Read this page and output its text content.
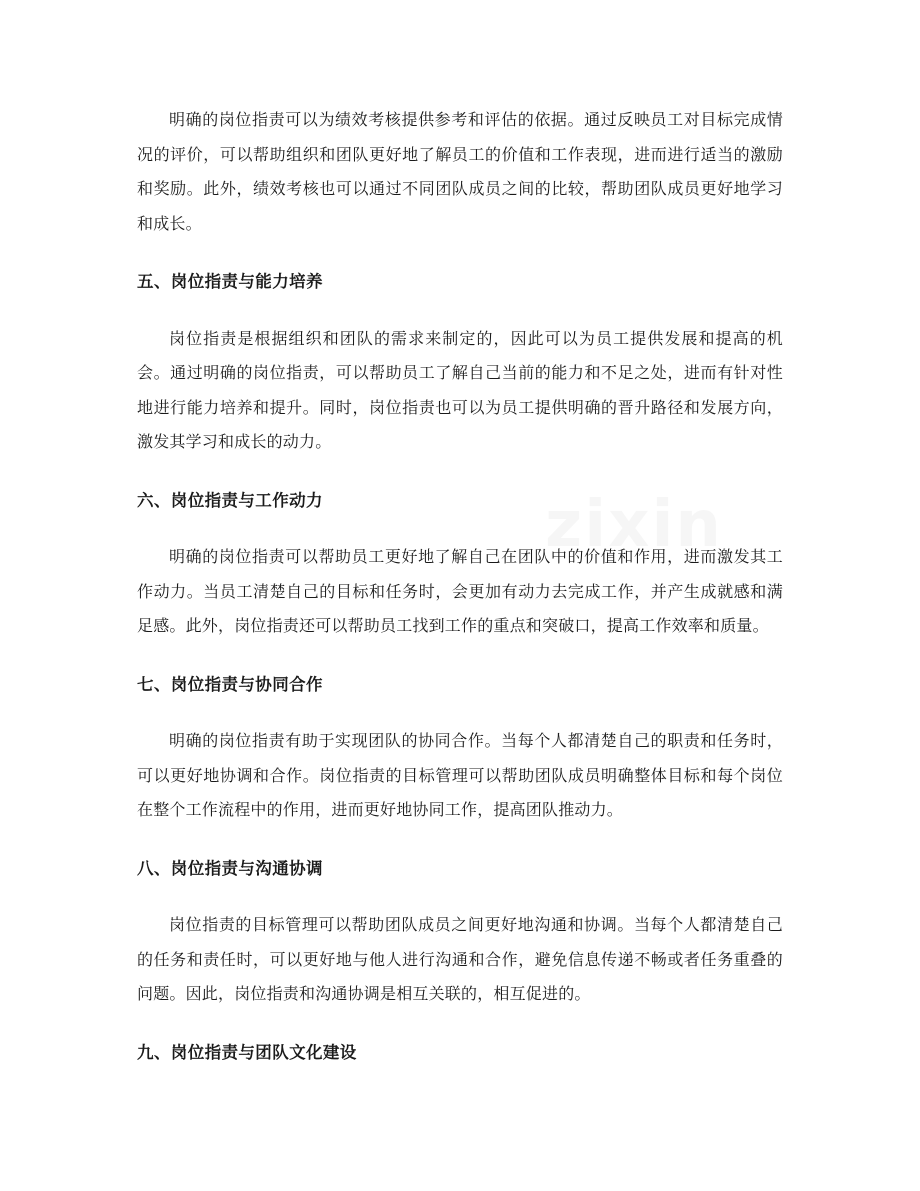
明确的岗位指责可以为绩效考核提供参考和评估的依据。通过反映员工对目标完成情况的评价，可以帮助组织和团队更好地了解员工的价值和工作表现，进而进行适当的激励和奖励。此外，绩效考核也可以通过不同团队成员之间的比较，帮助团队成员更好地学习和成长。

五、岗位指责与能力培养

岗位指责是根据组织和团队的需求来制定的，因此可以为员工提供发展和提高的机会。通过明确的岗位指责，可以帮助员工了解自己当前的能力和不足之处，进而有针对性地进行能力培养和提升。同时，岗位指责也可以为员工提供明确的晋升路径和发展方向，激发其学习和成长的动力。

六、岗位指责与工作动力

明确的岗位指责可以帮助员工更好地了解自己在团队中的价值和作用，进而激发其工作动力。当员工清楚自己的目标和任务时，会更加有动力去完成工作，并产生成就感和满足感。此外，岗位指责还可以帮助员工找到工作的重点和突破口，提高工作效率和质量。

七、岗位指责与协同合作

明确的岗位指责有助于实现团队的协同合作。当每个人都清楚自己的职责和任务时，可以更好地协调和合作。岗位指责的目标管理可以帮助团队成员明确整体目标和每个岗位在整个工作流程中的作用，进而更好地协同工作，提高团队推动力。

八、岗位指责与沟通协调

岗位指责的目标管理可以帮助团队成员之间更好地沟通和协调。当每个人都清楚自己的任务和责任时，可以更好地与他人进行沟通和合作，避免信息传递不畅或者任务重叠的问题。因此，岗位指责和沟通协调是相互关联的，相互促进的。

九、岗位指责与团队文化建设
